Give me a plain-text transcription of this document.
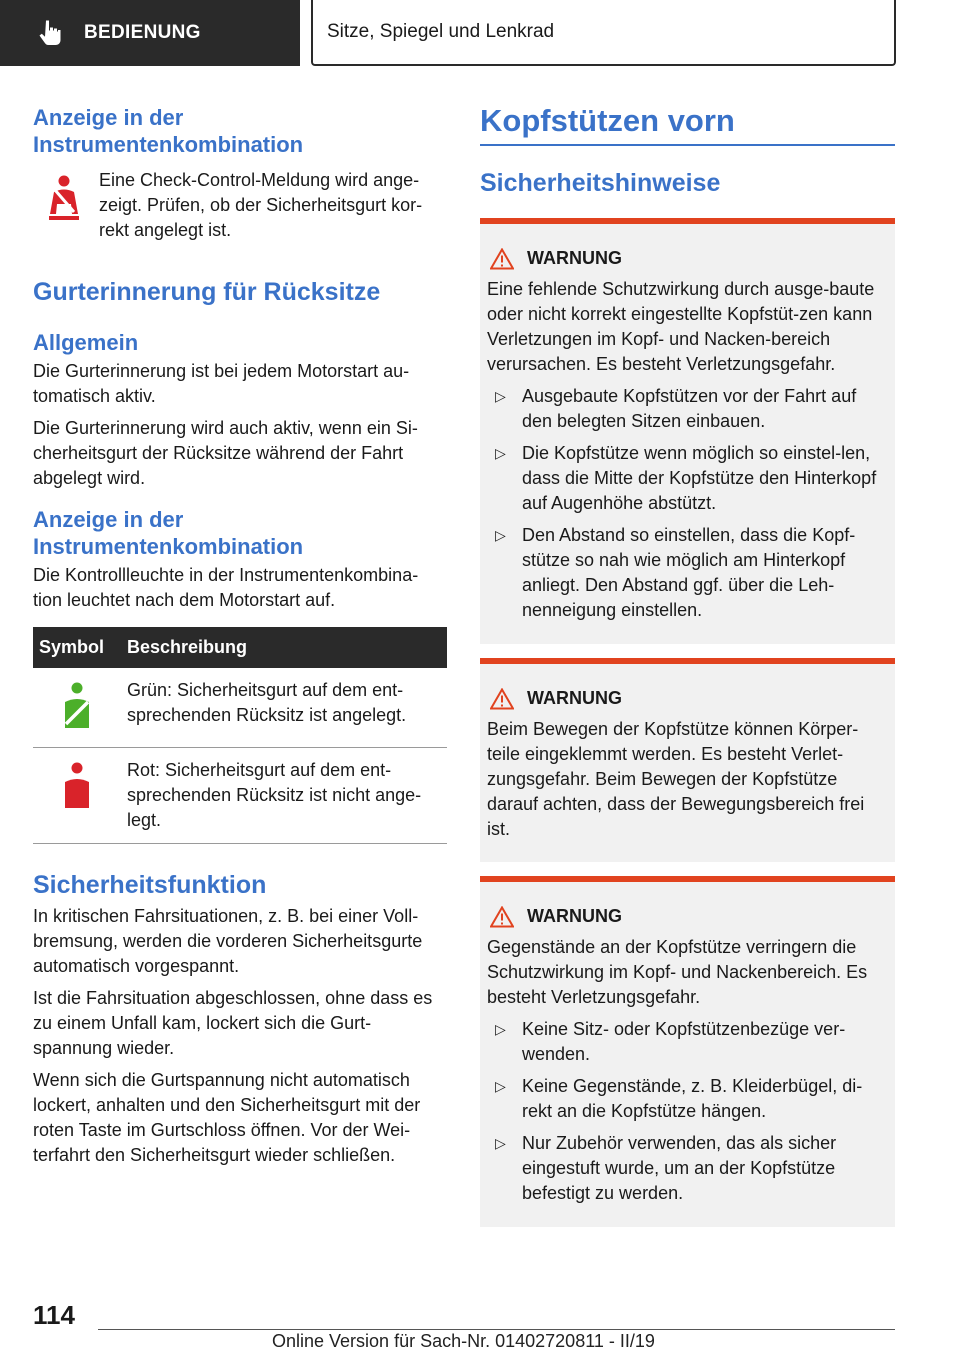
BEDIENUNG	Sitze, Spiegel und Lenkrad
Anzeige in der Instrumentenkombination
Eine Check-Control-Meldung wird ange-zeigt. Prüfen, ob der Sicherheitsgurt kor-rekt angelegt ist.
Gurterinnerung für Rücksitze
Allgemein

Die Gurterinnerung ist bei jedem Motorstart au-tomatisch aktiv.

Die Gurterinnerung wird auch aktiv, wenn ein Si-cherheitsgurt der Rücksitze während der Fahrt abgelegt wird.

Anzeige in der Instrumentenkombination

Die Kontrollleuchte in der Instrumentenkombina-tion leuchtet nach dem Motorstart auf.

Symbol	Beschreibung
	Grün: Sicherheitsgurt auf dem ent-sprechenden Rücksitz ist angelegt.
	Rot: Sicherheitsgurt auf dem ent-sprechenden Rücksitz ist nicht ange-legt.
Sicherheitsfunktion

In kritischen Fahrsituationen, z. B. bei einer Voll-bremsung, werden die vorderen Sicherheitsgurte automatisch vorgespannt.

Ist die Fahrsituation abgeschlossen, ohne dass es zu einem Unfall kam, lockert sich die Gurt-spannung wieder.

Wenn sich die Gurtspannung nicht automatisch lockert, anhalten und den Sicherheitsgurt mit der roten Taste im Gurtschloss öffnen. Vor der Wei-terfahrt den Sicherheitsgurt wieder schließen.

Kopfstützen vorn
Sicherheitshinweise
WARNUNG
Eine fehlende Schutzwirkung durch ausge-baute oder nicht korrekt eingestellte Kopfstüt-zen kann Verletzungen im Kopf- und Nacken-bereich verursachen. Es besteht Verletzungsgefahr.
▷ Ausgebaute Kopfstützen vor der Fahrt auf den belegten Sitzen einbauen.
▷ Die Kopfstütze wenn möglich so einstel-len, dass die Mitte der Kopfstütze den Hinterkopf auf Augenhöhe abstützt.
▷ Den Abstand so einstellen, dass die Kopf-stütze so nah wie möglich am Hinterkopf anliegt. Den Abstand ggf. über die Leh-nenneigung einstellen.
WARNUNG
Beim Bewegen der Kopfstütze können Körper-teile eingeklemmt werden. Es besteht Verlet-zungsgefahr. Beim Bewegen der Kopfstütze darauf achten, dass der Bewegungsbereich frei ist.
WARNUNG
Gegenstände an der Kopfstütze verringern die Schutzwirkung im Kopf- und Nackenbereich. Es besteht Verletzungsgefahr.
▷ Keine Sitz- oder Kopfstützenbezüge ver-wenden.
▷ Keine Gegenstände, z. B. Kleiderbügel, di-rekt an die Kopfstütze hängen.
▷ Nur Zubehör verwenden, das als sicher eingestuft wurde, um an der Kopfstütze befestigt zu werden.
114
Online Version für Sach-Nr. 01402720811 - II/19
